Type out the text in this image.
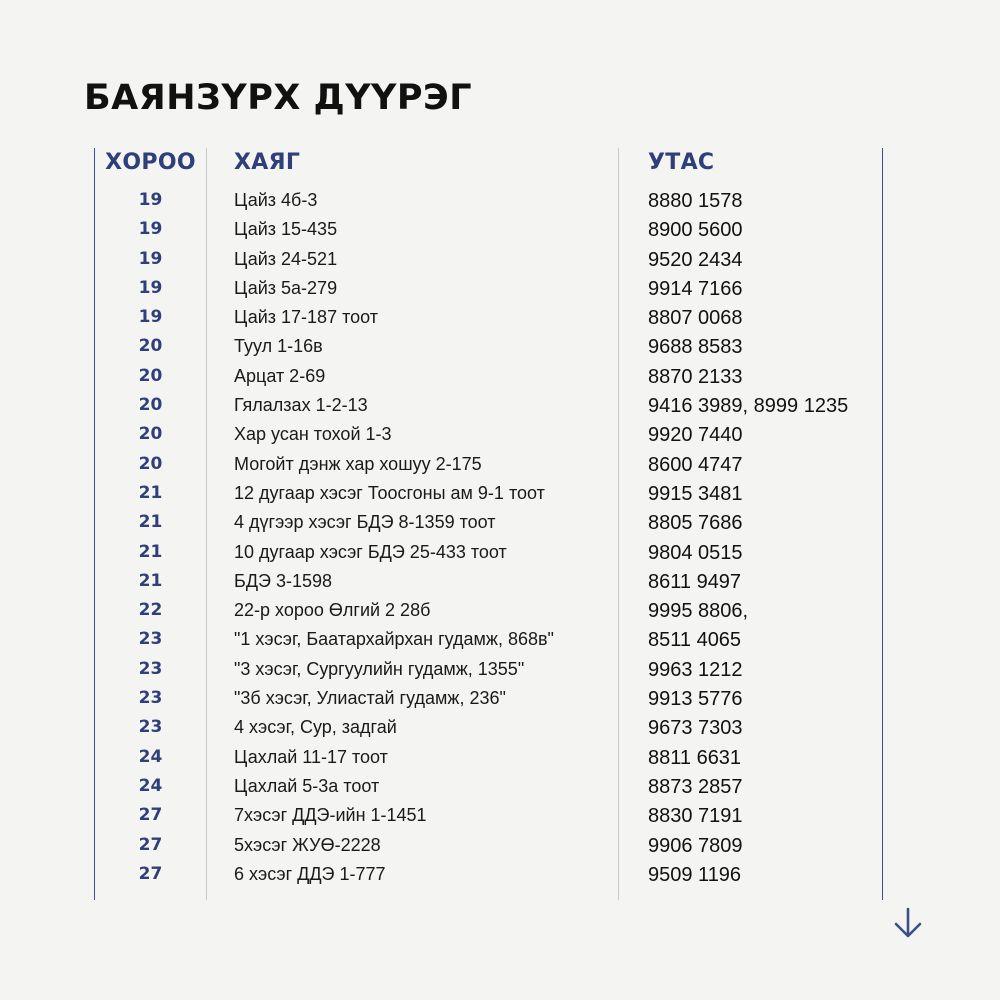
БАЯНЗҮРХ ДҮҮРЭГ
ХОРОО	ХАЯГ	УТАС
19	Цайз 4б-3	8880 1578
19	Цайз 15-435	8900 5600
19	Цайз 24-521	9520 2434
19	Цайз 5а-279	9914 7166
19	Цайз 17-187 тоот	8807 0068
20	Туул 1-16в	9688 8583
20	Арцат 2-69	8870 2133
20	Гялалзах 1-2-13	9416 3989, 8999 1235
20	Хар усан тохой 1-3	9920 7440
20	Могойт дэнж хар хошуу 2-175	8600 4747
21	12 дугаар хэсэг Тоосгоны ам 9-1 тоот	9915 3481
21	4 дүгээр хэсэг БДЭ 8-1359 тоот	8805 7686
21	10 дугаар хэсэг БДЭ 25-433 тоот	9804 0515
21	БДЭ 3-1598	8611 9497
22	22-р хороо Өлгий 2 28б	9995 8806,
23	"1 хэсэг, Баатархайрхан гудамж, 868в"	8511 4065
23	"3 хэсэг, Сургуулийн гудамж, 1355"	9963 1212
23	"3б хэсэг, Улиастай гудамж, 236"	9913 5776
23	4 хэсэг, Сур, задгай	9673 7303
24	Цахлай 11-17 тоот	8811 6631
24	Цахлай 5-3а тоот	8873 2857
27	7хэсэг ДДЭ-ийн 1-1451	8830 7191
27	5хэсэг ЖУӨ-2228	9906 7809
27	6 хэсэг ДДЭ 1-777	9509 1196
